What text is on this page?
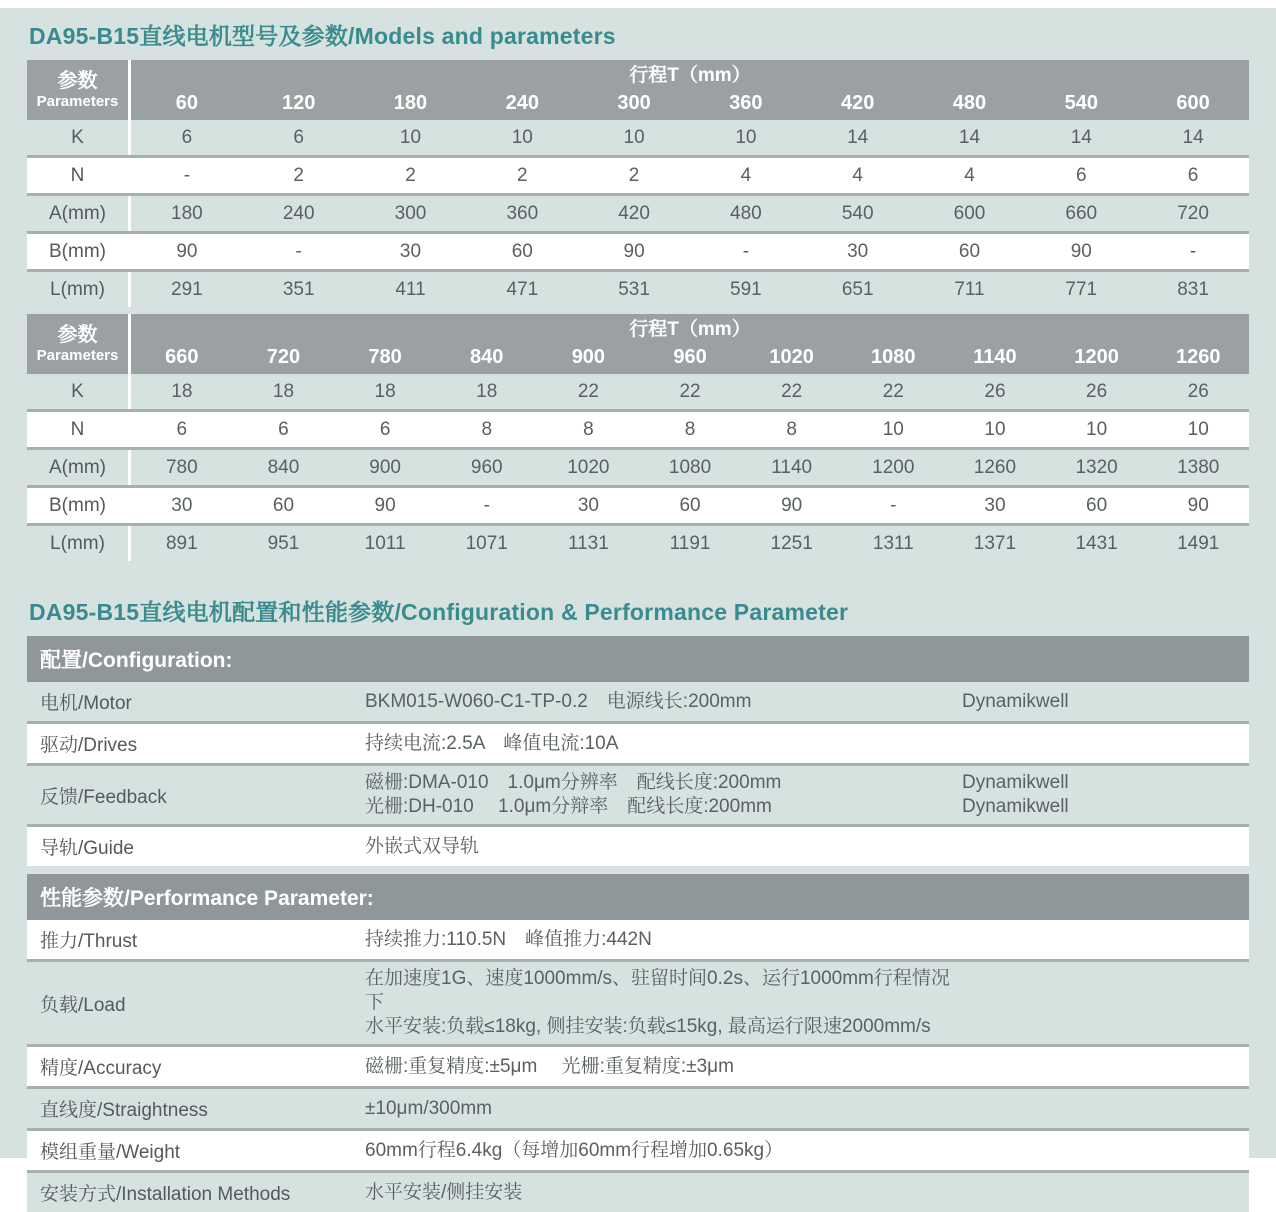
DA95-B15直线电机型号及参数/Models and parameters
参数
Parameters
行程T（mm）
60	120	180	240	300	360	420	480	540	600
K	6	6	10	10	10	10	14	14	14	14
N	-	2	2	2	2	4	4	4	6	6
A(mm)	180	240	300	360	420	480	540	600	660	720
B(mm)	90	-	30	60	90	-	30	60	90	-
L(mm)	291	351	411	471	531	591	651	711	771	831
参数
Parameters
行程T（mm）
660	720	780	840	900	960	1020	1080	1140	1200	1260
K	18	18	18	18	22	22	22	22	26	26	26
N	6	6	6	8	8	8	8	10	10	10	10
A(mm)	780	840	900	960	1020	1080	1140	1200	1260	1320	1380
B(mm)	30	60	90	-	30	60	90	-	30	60	90
L(mm)	891	951	1011	1071	1131	1191	1251	1311	1371	1431	1491
DA95-B15直线电机配置和性能参数/Configuration & Performance Parameter
配置/Configuration:
电机/Motor	BKM015-W060-C1-TP-0.2　电源线长:200mm	Dynamikwell
驱动/Drives	持续电流:2.5A　峰值电流:10A
反馈/Feedback
磁栅:DMA-010　1.0μm分辨率　配线长度:200mm	Dynamikwell
光栅:DH-010　 1.0μm分辩率　配线长度:200mm	Dynamikwell
导轨/Guide	外嵌式双导轨
性能参数/Performance Parameter:
推力/Thrust	持续推力:110.5N　峰值推力:442N
负载/Load
在加速度1G、速度1000mm/s、驻留时间0.2s、运行1000mm行程情况下
水平安装:负载≤18kg, 侧挂安装:负载≤15kg, 最高运行限速2000mm/s
精度/Accuracy	磁栅:重复精度:±5μm　 光栅:重复精度:±3μm
直线度/Straightness	±10μm/300mm
模组重量/Weight	60mm行程6.4kg（每增加60mm行程增加0.65kg）
安装方式/Installation Methods	水平安装/侧挂安装
